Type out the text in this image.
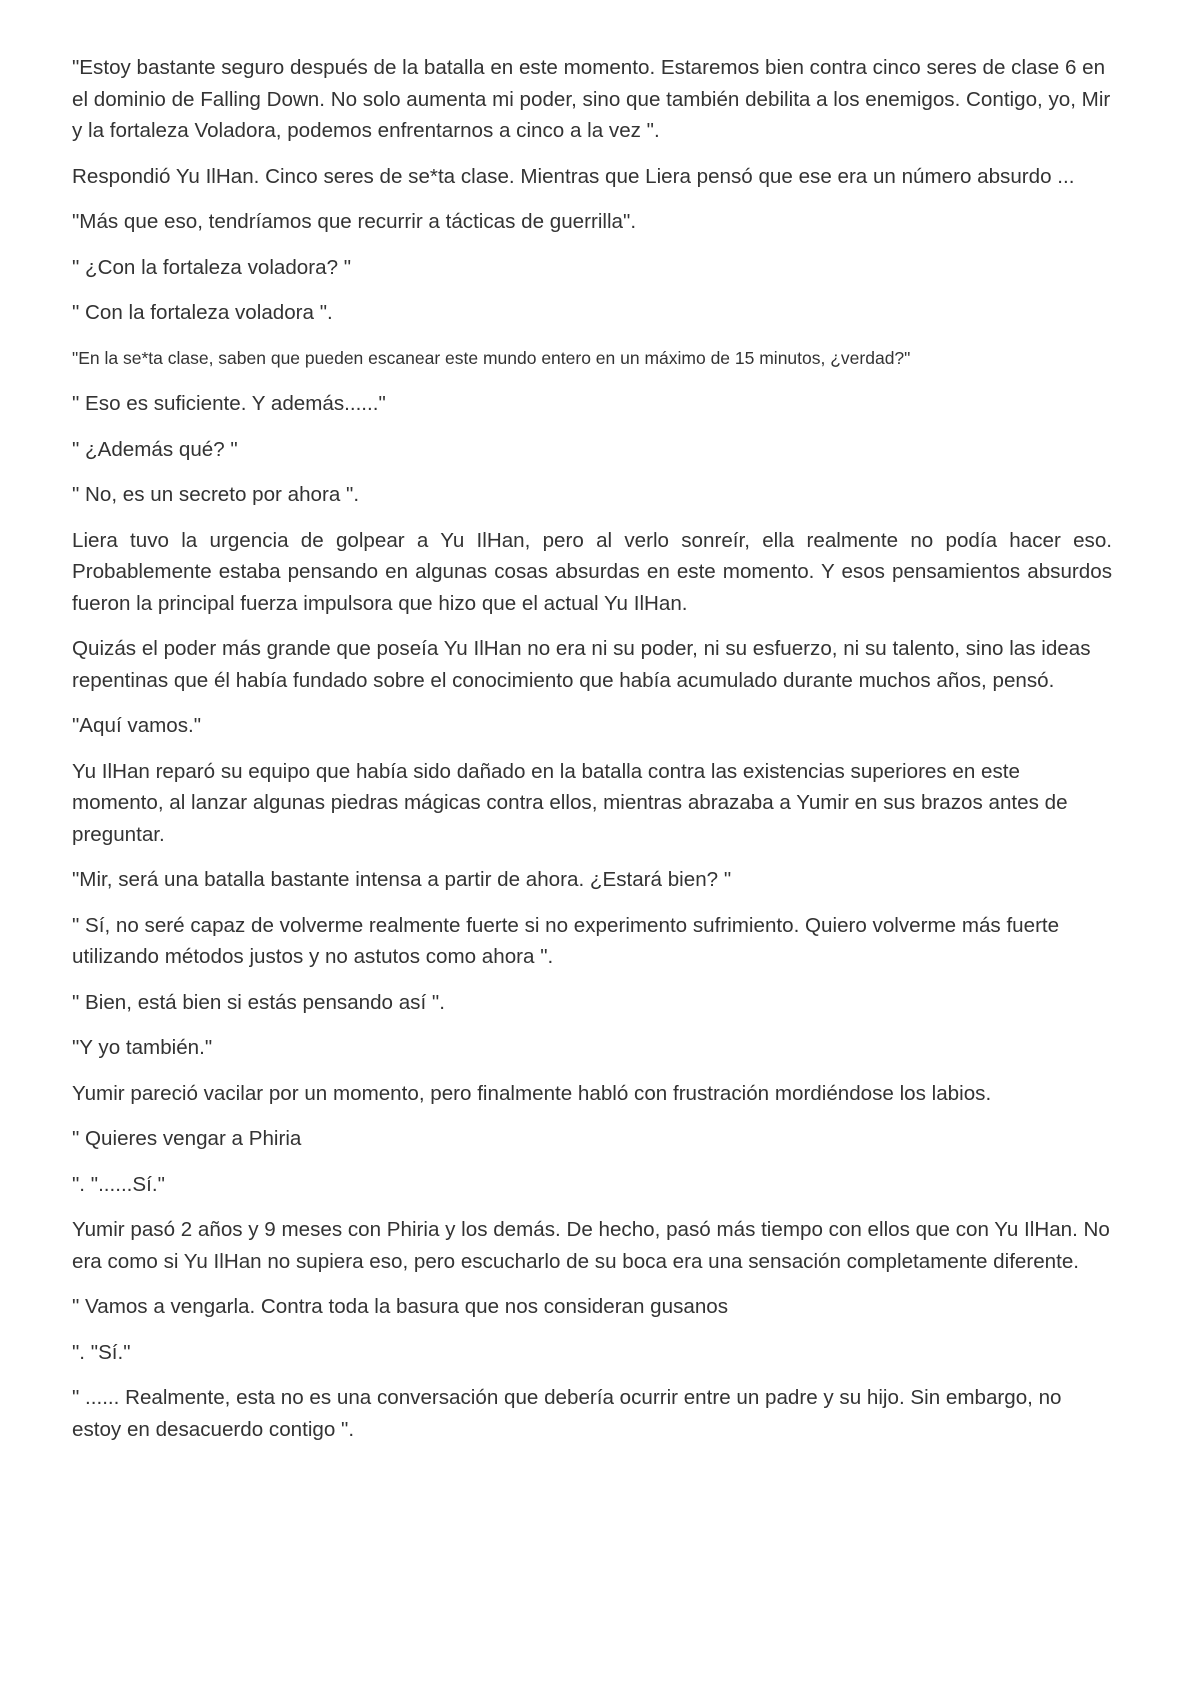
"Estoy bastante seguro después de la batalla en este momento. Estaremos bien contra cinco seres de clase 6 en el dominio de Falling Down. No solo aumenta mi poder, sino que también debilita a los enemigos. Contigo, yo, Mir y la fortaleza Voladora, podemos enfrentarnos a cinco a la vez ".

Respondió Yu IlHan. Cinco seres de se*ta clase. Mientras que Liera pensó que ese era un número absurdo ...

"Más que eso, tendríamos que recurrir a tácticas de guerrilla".

" ¿Con la fortaleza voladora? "

" Con la fortaleza voladora ".

"En la se*ta clase, saben que pueden escanear este mundo entero en un máximo de 15 minutos, ¿verdad?"

" Eso es suficiente. Y además......"

" ¿Además qué? "

" No, es un secreto por ahora ".

Liera tuvo la urgencia de golpear a Yu IlHan, pero al verlo sonreír, ella realmente no podía hacer eso. Probablemente estaba pensando en algunas cosas absurdas en este momento. Y esos pensamientos absurdos fueron la principal fuerza impulsora que hizo que el actual Yu IlHan.

Quizás el poder más grande que poseía Yu IlHan no era ni su poder, ni su esfuerzo, ni su talento, sino las ideas repentinas que él había fundado sobre el conocimiento que había acumulado durante muchos años, pensó.

"Aquí vamos."

Yu IlHan reparó su equipo que había sido dañado en la batalla contra las existencias superiores en este momento, al lanzar algunas piedras mágicas contra ellos, mientras abrazaba a Yumir en sus brazos antes de preguntar.

"Mir, será una batalla bastante intensa a partir de ahora. ¿Estará bien? "

" Sí, no seré capaz de volverme realmente fuerte si no experimento sufrimiento. Quiero volverme más fuerte utilizando métodos justos y no astutos como ahora ".

" Bien, está bien si estás pensando así ".

"Y yo también."

Yumir pareció vacilar por un momento, pero finalmente habló con frustración mordiéndose los labios.

" Quieres vengar a Phiria

". "......Sí."

Yumir pasó 2 años y 9 meses con Phiria y los demás. De hecho, pasó más tiempo con ellos que con Yu IlHan. No era como si Yu IlHan no supiera eso, pero escucharlo de su boca era una sensación completamente diferente.

" Vamos a vengarla. Contra toda la basura que nos consideran gusanos

". "Sí."

" ...... Realmente, esta no es una conversación que debería ocurrir entre un padre y su hijo. Sin embargo, no estoy en desacuerdo contigo ".
